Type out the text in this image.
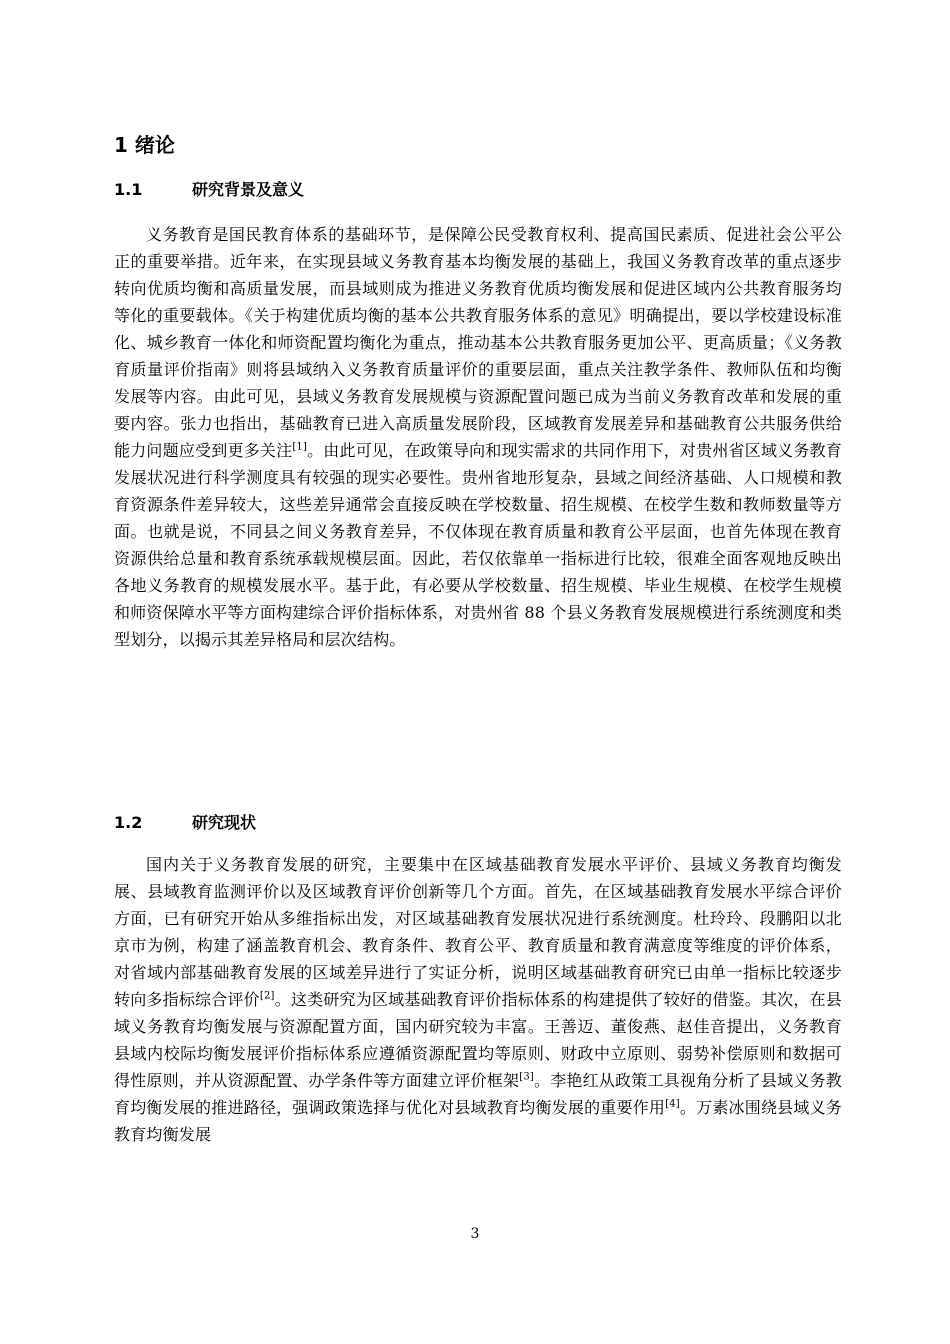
1 绪论
1.1	研究背景及意义

义务教育是国民教育体系的基础环节，是保障公民受教育权利、提高国民素质、促进社会公平公正的重要举措。近年来，在实现县域义务教育基本均衡发展的基础上，我国义务教育改革的重点逐步转向优质均衡和高质量发展，而县域则成为推进义务教育优质均衡发展和促进区域内公共教育服务均等化的重要载体。《关于构建优质均衡的基本公共教育服务体系的意见》明确提出，要以学校建设标准化、城乡教育一体化和师资配置均衡化为重点，推动基本公共教育服务更加公平、更高质量；《义务教育质量评价指南》则将县域纳入义务教育质量评价的重要层面，重点关注教学条件、教师队伍和均衡发展等内容。由此可见，县域义务教育发展规模与资源配置问题已成为当前义务教育改革和发展的重要内容。张力也指出，基础教育已进入高质量发展阶段，区域教育发展差异和基础教育公共服务供给能力问题应受到更多关注[1]。由此可见，在政策导向和现实需求的共同作用下，对贵州省区域义务教育发展状况进行科学测度具有较强的现实必要性。贵州省地形复杂，县域之间经济基础、人口规模和教育资源条件差异较大，这些差异通常会直接反映在学校数量、招生规模、在校学生数和教师数量等方面。也就是说，不同县之间义务教育差异，不仅体现在教育质量和教育公平层面，也首先体现在教育资源供给总量和教育系统承载规模层面。因此，若仅依靠单一指标进行比较，很难全面客观地反映出各地义务教育的规模发展水平。基于此，有必要从学校数量、招生规模、毕业生规模、在校学生规模和师资保障水平等方面构建综合评价指标体系，对贵州省 88 个县义务教育发展规模进行系统测度和类型划分，以揭示其差异格局和层次结构。

1.2	研究现状

国内关于义务教育发展的研究，主要集中在区域基础教育发展水平评价、县域义务教育均衡发展、县域教育监测评价以及区域教育评价创新等几个方面。首先，在区域基础教育发展水平综合评价方面，已有研究开始从多维指标出发，对区域基础教育发展状况进行系统测度。杜玲玲、段鹏阳以北京市为例，构建了涵盖教育机会、教育条件、教育公平、教育质量和教育满意度等维度的评价体系，对省域内部基础教育发展的区域差异进行了实证分析，说明区域基础教育研究已由单一指标比较逐步转向多指标综合评价[2]。这类研究为区域基础教育评价指标体系的构建提供了较好的借鉴。其次，在县域义务教育均衡发展与资源配置方面，国内研究较为丰富。王善迈、董俊燕、赵佳音提出，义务教育县域内校际均衡发展评价指标体系应遵循资源配置均等原则、财政中立原则、弱势补偿原则和数据可得性原则，并从资源配置、办学条件等方面建立评价框架[3]。李艳红从政策工具视角分析了县域义务教育均衡发展的推进路径，强调政策选择与优化对县域教育均衡发展的重要作用[4]。万素冰围绕县域义务教育均衡发展

3
